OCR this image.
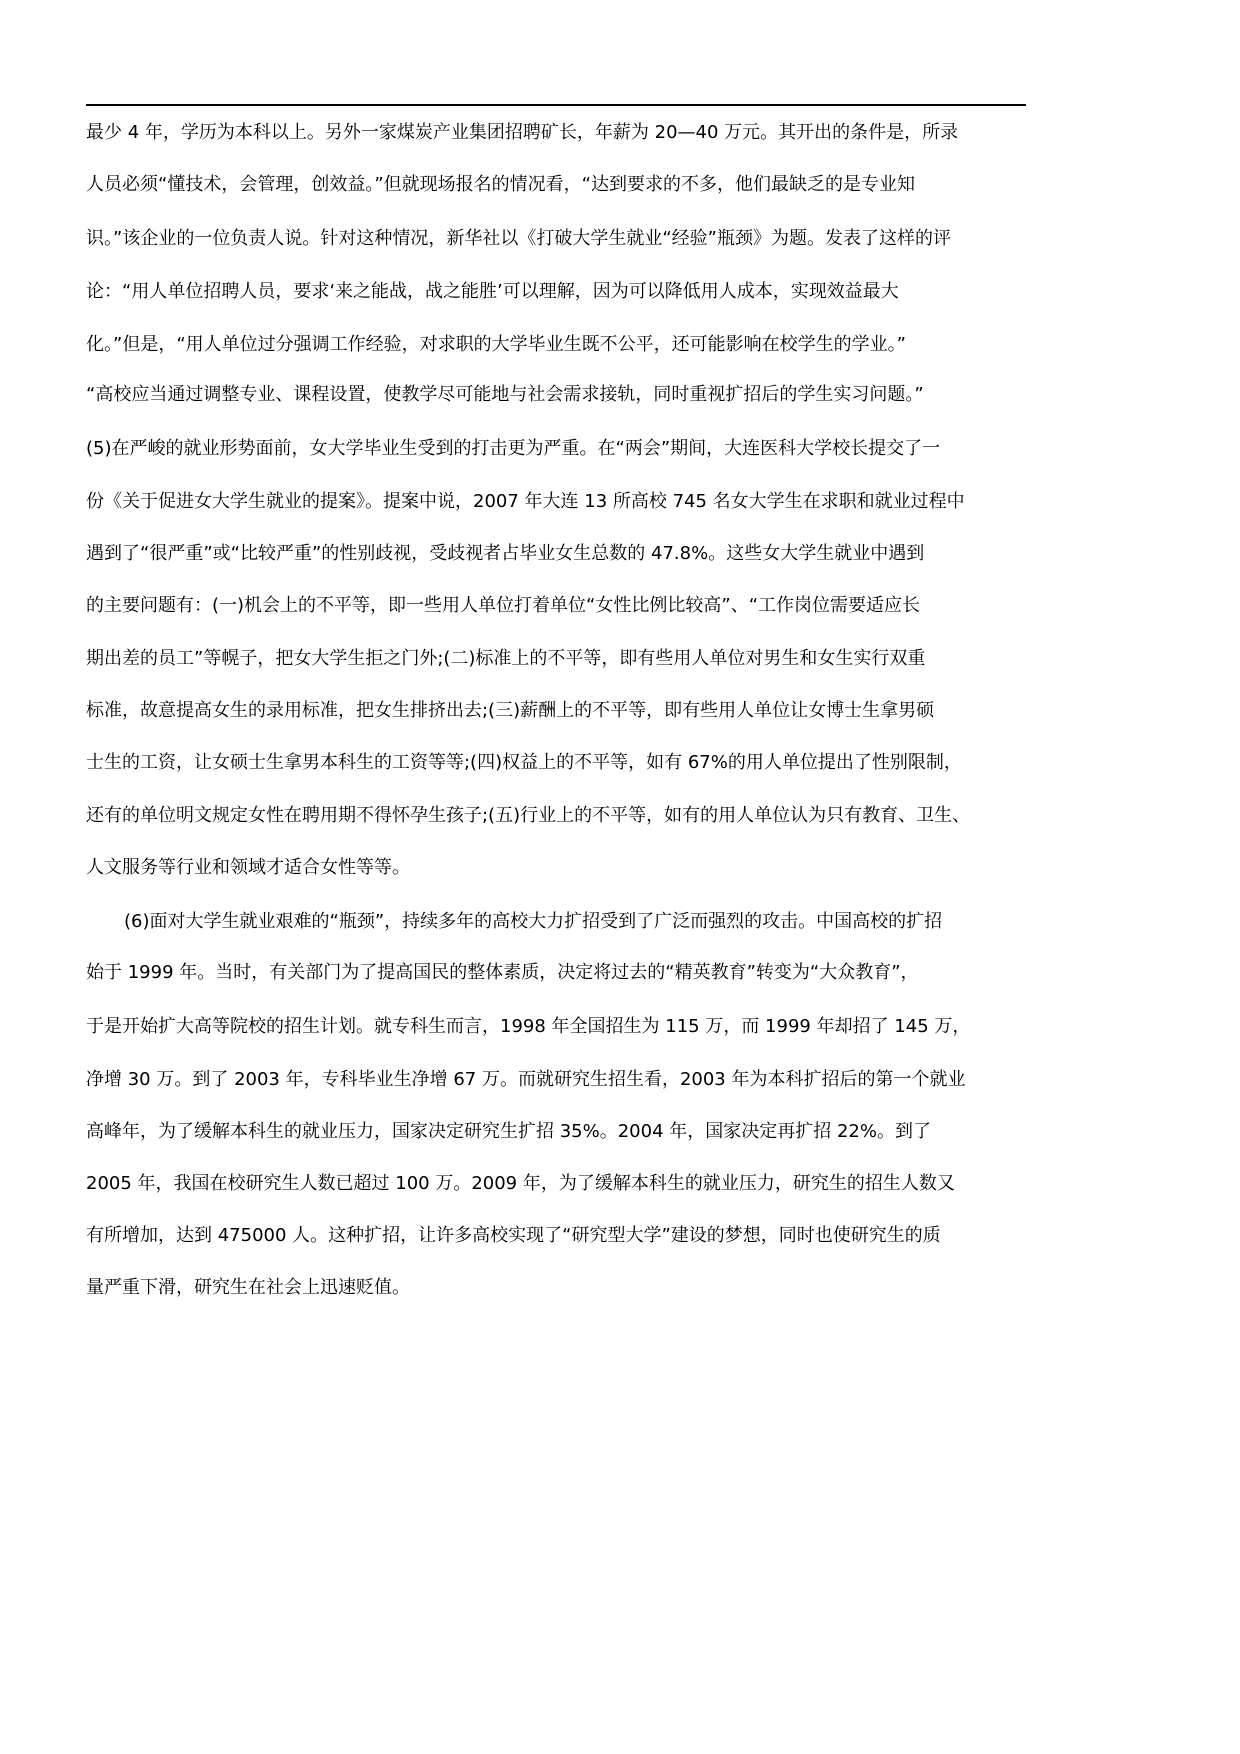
最少 4 年，学历为本科以上。另外一家煤炭产业集团招聘矿长，年薪为 20—40 万元。其开出的条件是，所录

人员必须“懂技术，会管理，创效益。”但就现场报名的情况看，“达到要求的不多，他们最缺乏的是专业知

识。”该企业的一位负责人说。针对这种情况，新华社以《打破大学生就业“经验”瓶颈》为题。发表了这样的评

论：“用人单位招聘人员，要求‘来之能战，战之能胜’可以理解，因为可以降低用人成本，实现效益最大

化。”但是，“用人单位过分强调工作经验，对求职的大学毕业生既不公平，还可能影响在校学生的学业。”

“高校应当通过调整专业、课程设置，使教学尽可能地与社会需求接轨，同时重视扩招后的学生实习问题。”

(5)在严峻的就业形势面前，女大学毕业生受到的打击更为严重。在“两会”期间，大连医科大学校长提交了一

份《关于促进女大学生就业的提案》。提案中说，2007 年大连 13 所高校 745 名女大学生在求职和就业过程中

遇到了“很严重”或“比较严重”的性别歧视，受歧视者占毕业女生总数的 47.8%。这些女大学生就业中遇到

的主要问题有：(一)机会上的不平等，即一些用人单位打着单位“女性比例比较高”、“工作岗位需要适应长

期出差的员工”等幌子，把女大学生拒之门外;(二)标准上的不平等，即有些用人单位对男生和女生实行双重

标准，故意提高女生的录用标准，把女生排挤出去;(三)薪酬上的不平等，即有些用人单位让女博士生拿男硕

士生的工资，让女硕士生拿男本科生的工资等等;(四)权益上的不平等，如有 67%的用人单位提出了性别限制，

还有的单位明文规定女性在聘用期不得怀孕生孩子;(五)行业上的不平等，如有的用人单位认为只有教育、卫生、

人文服务等行业和领域才适合女性等等。

(6)面对大学生就业艰难的“瓶颈”，持续多年的高校大力扩招受到了广泛而强烈的攻击。中国高校的扩招

始于 1999 年。当时，有关部门为了提高国民的整体素质，决定将过去的“精英教育”转变为“大众教育”，

于是开始扩大高等院校的招生计划。就专科生而言，1998 年全国招生为 115 万，而 1999 年却招了 145 万，

净增 30 万。到了 2003 年，专科毕业生净增 67 万。而就研究生招生看，2003 年为本科扩招后的第一个就业

高峰年，为了缓解本科生的就业压力，国家决定研究生扩招 35%。2004 年，国家决定再扩招 22%。到了

2005 年，我国在校研究生人数已超过 100 万。2009 年，为了缓解本科生的就业压力，研究生的招生人数又

有所增加，达到 475000 人。这种扩招，让许多高校实现了“研究型大学”建设的梦想，同时也使研究生的质

量严重下滑，研究生在社会上迅速贬值。
